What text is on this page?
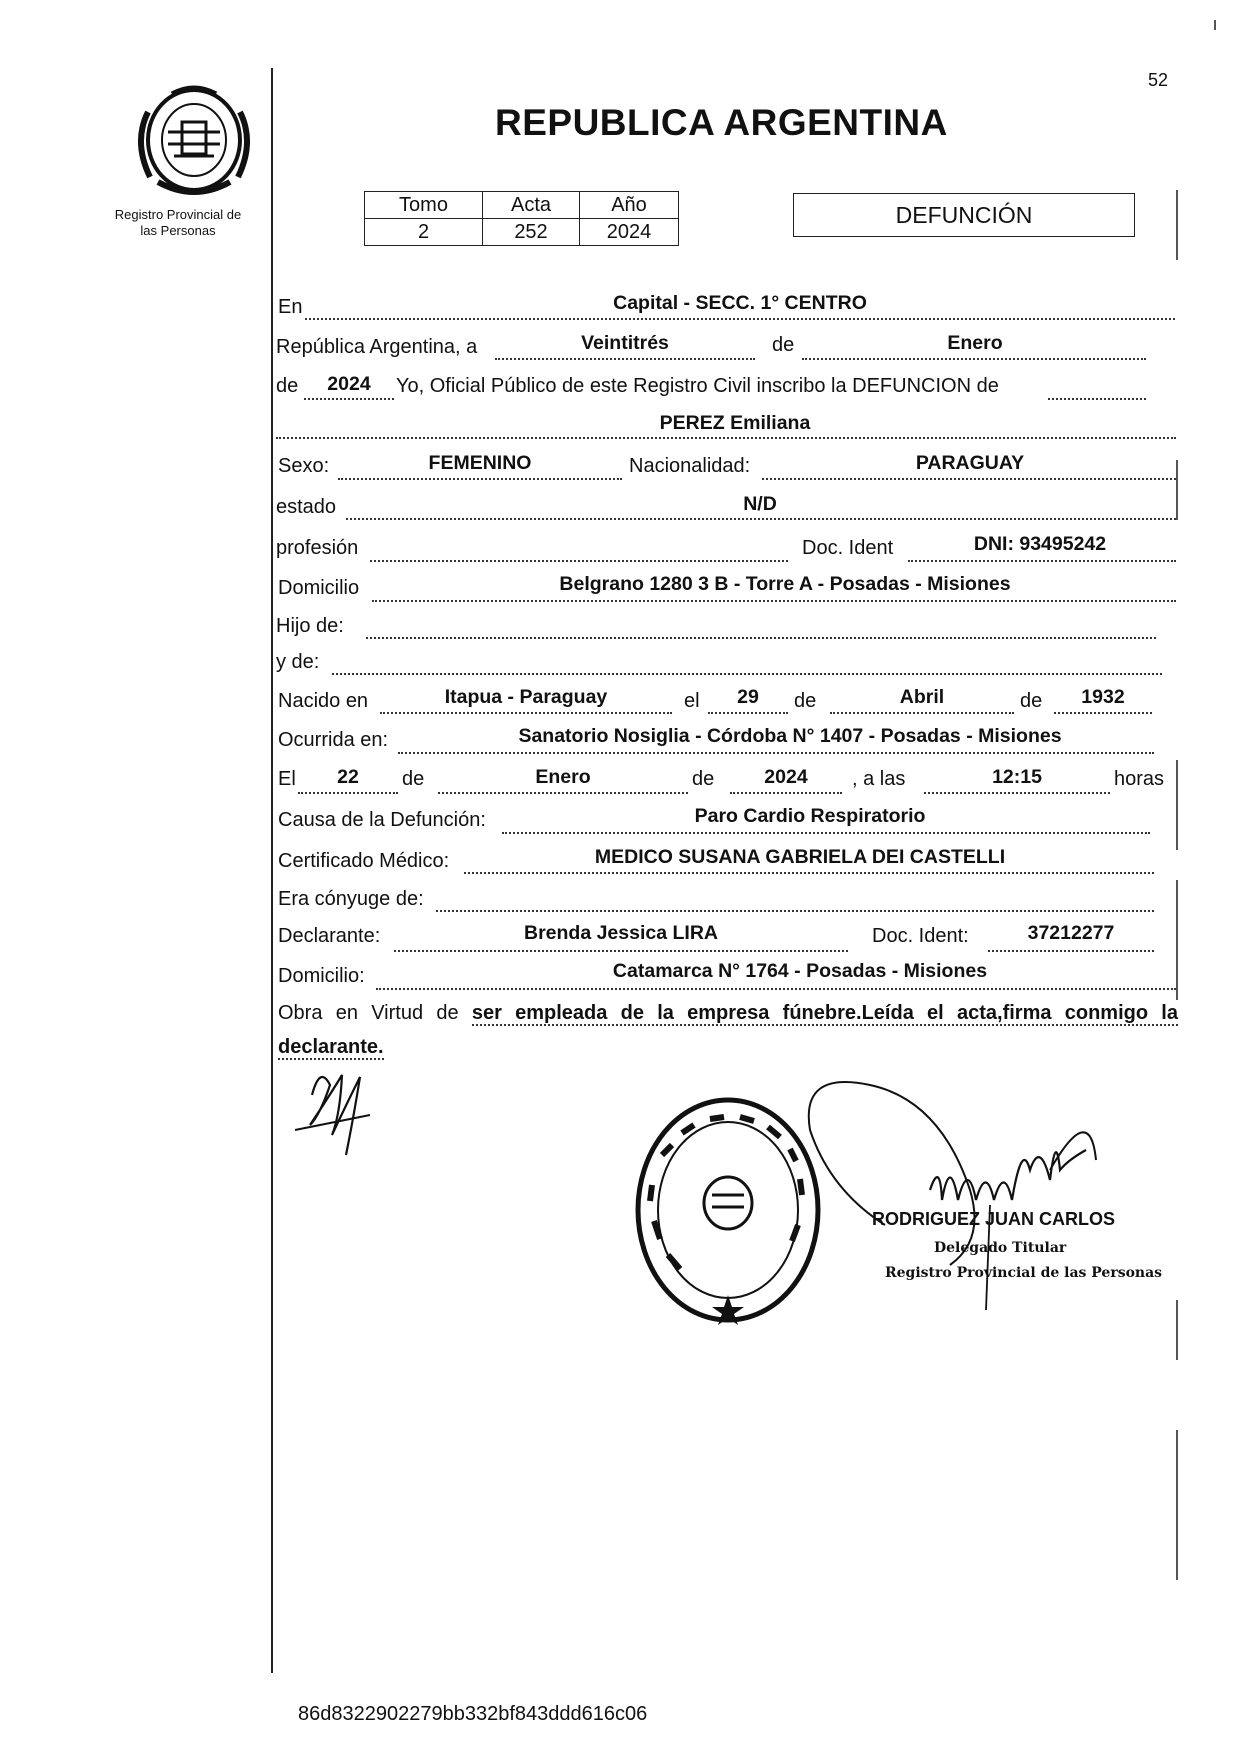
Registro Provincial de
las Personas
52
REPUBLICA ARGENTINA
Tomo	Acta	Año
2	252	2024
DEFUNCIÓN
En	Capital - SECC. 1° CENTRO
República Argentina, a	Veintitrés	de	Enero
de	2024	Yo, Oficial Público de este Registro Civil inscribo la DEFUNCION de
PEREZ Emiliana
Sexo:	FEMENINO	Nacionalidad:	PARAGUAY
estado	N/D
profesión	Doc. Ident	DNI: 93495242
Domicilio	Belgrano 1280 3 B - Torre A - Posadas - Misiones
Hijo de:
y de:
Nacido en	Itapua - Paraguay	el	29	de	Abril	de	1932
Ocurrida en:	Sanatorio Nosiglia - Córdoba N° 1407 - Posadas - Misiones
El	22	de	Enero	de	2024	, a las	12:15	horas
Causa de la Defunción:	Paro Cardio Respiratorio
Certificado Médico:	MEDICO SUSANA GABRIELA DEI CASTELLI
Era cónyuge de:
Declarante:	Brenda Jessica LIRA	Doc. Ident:	37212277
Domicilio:	Catamarca N° 1764 - Posadas - Misiones
Obra en Virtud de ser empleada de la empresa fúnebre.Leída el acta,firma conmigo la declarante.
RODRIGUEZ JUAN CARLOS
Delegado Titular
Registro Provincial de las Personas
86d8322902279bb332bf843ddd616c06
